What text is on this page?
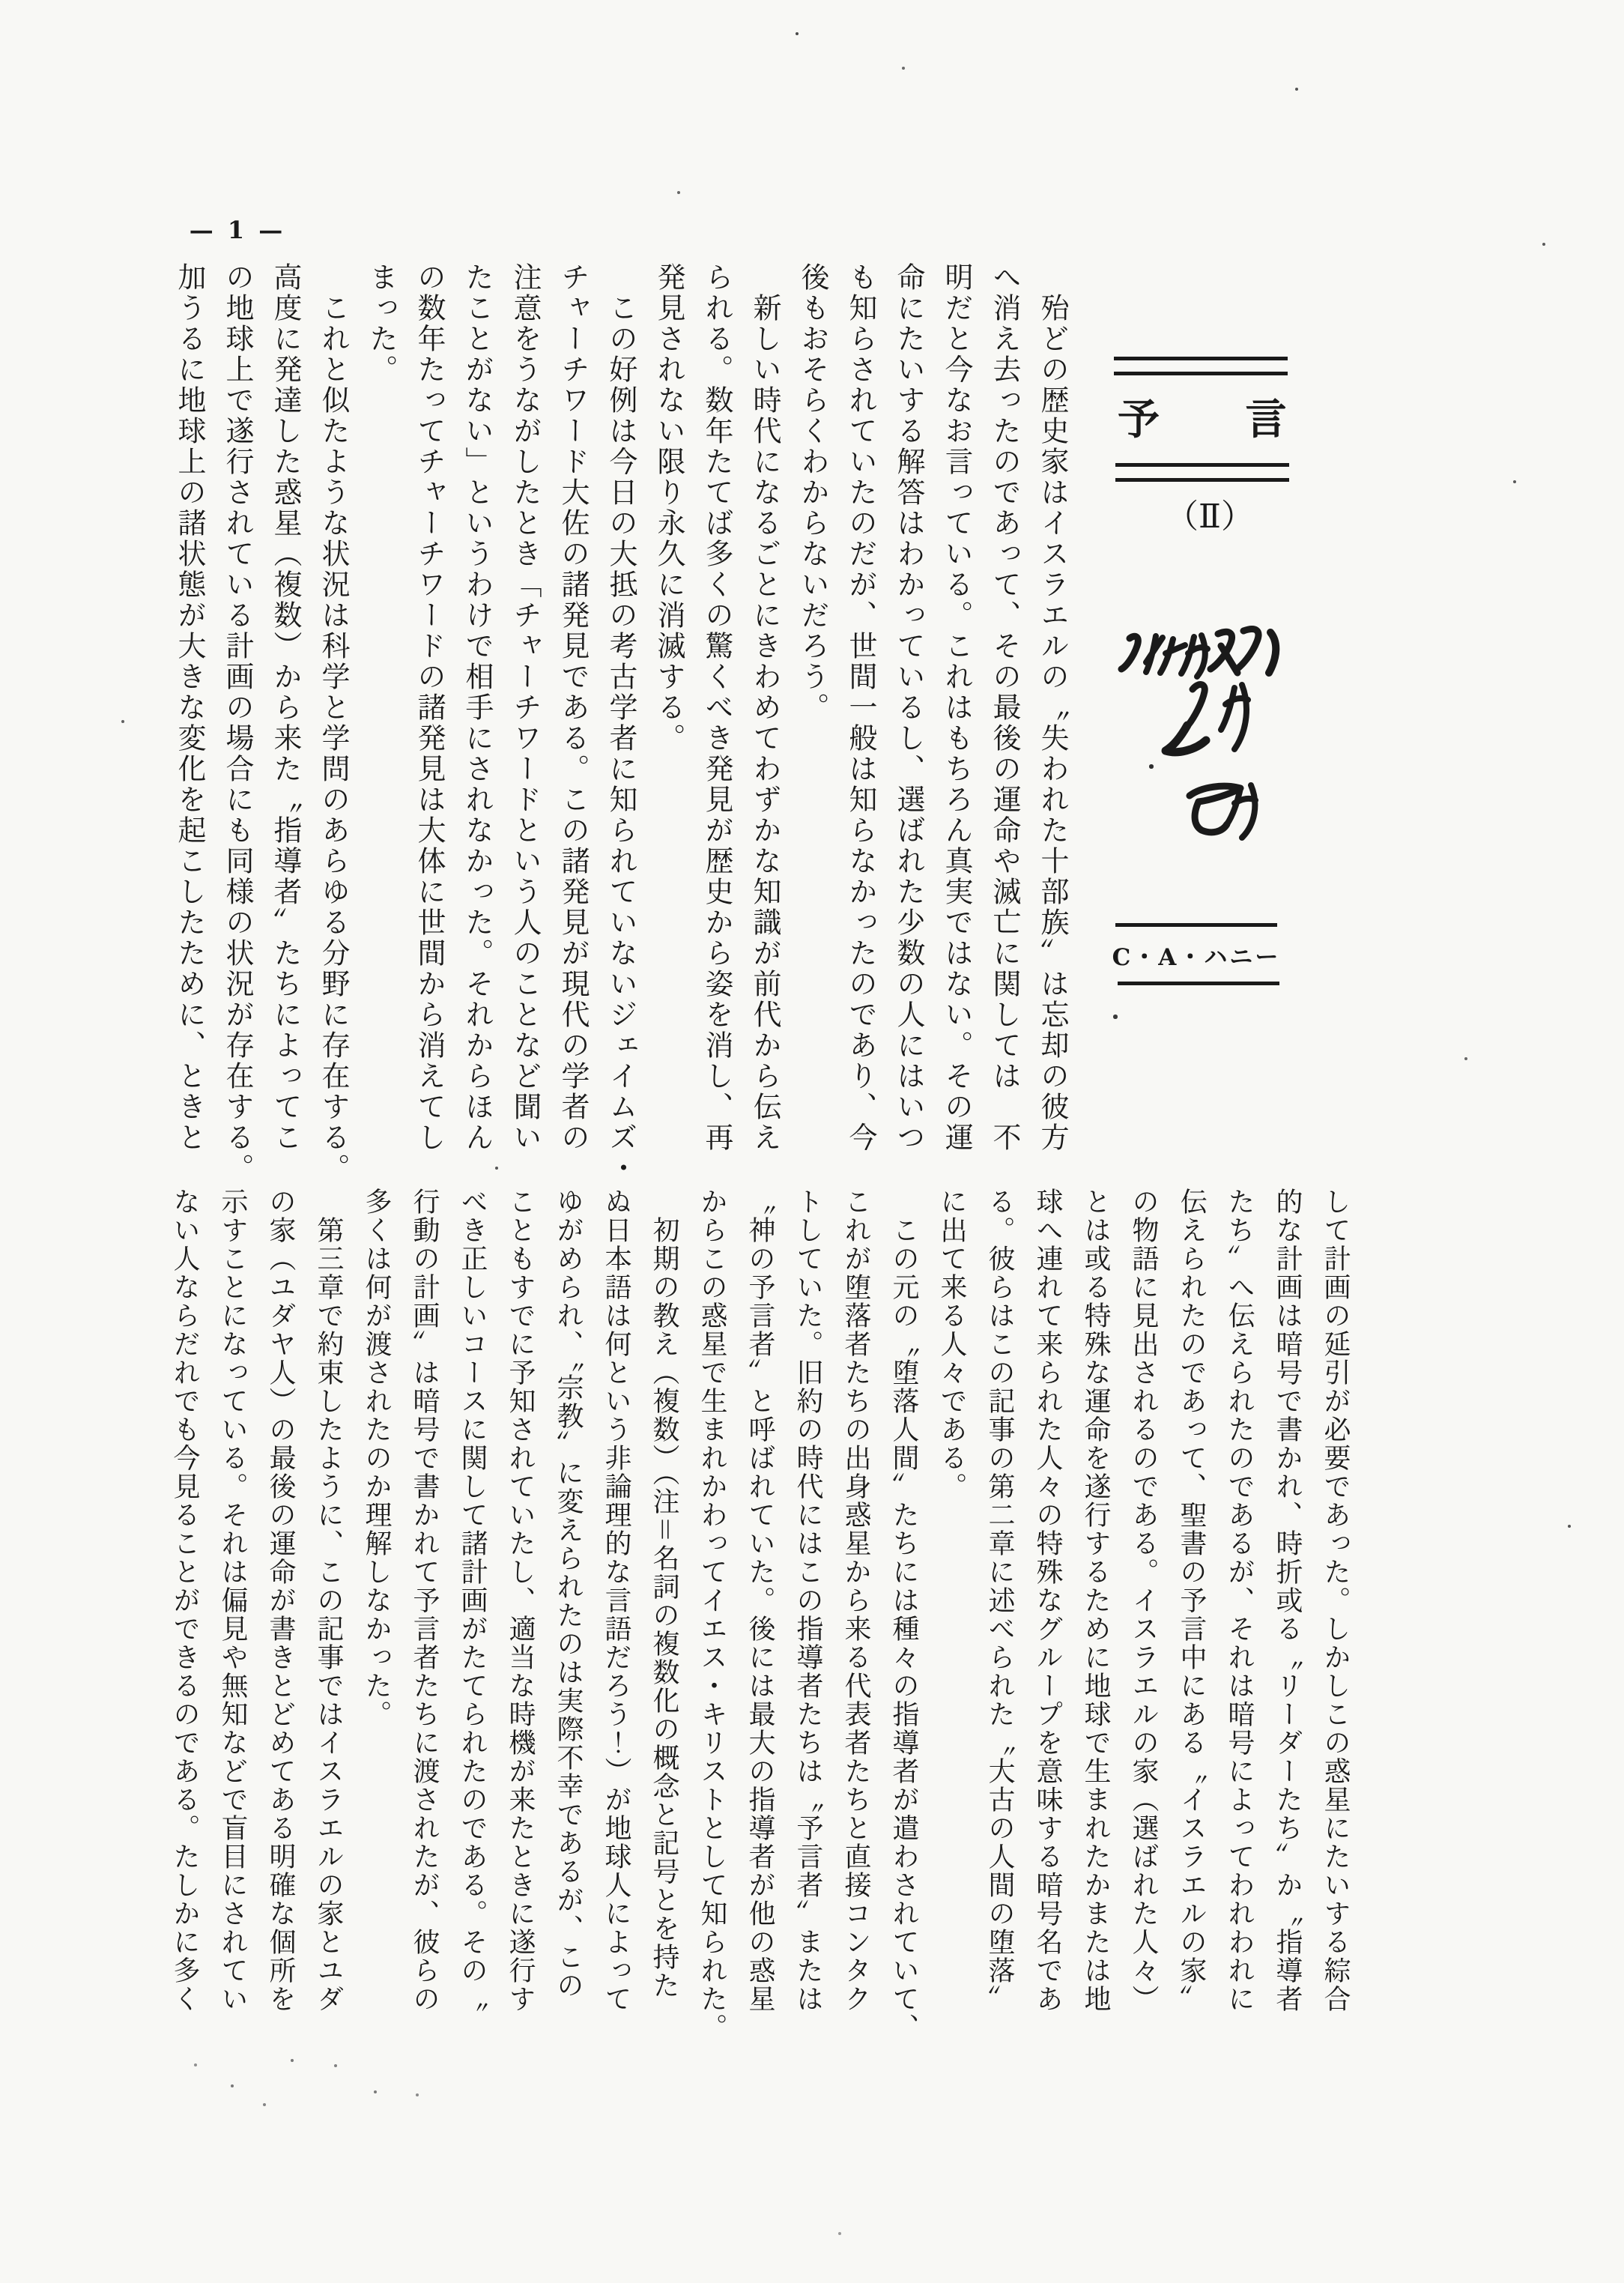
— 1 —
予 言
（Ⅱ）
C・A・ハニー
　殆どの歴史家はイスラエルの〝失われた十部族〟は忘却の彼方
へ消え去ったのであって、その最後の運命や滅亡に関しては　不
明だと今なお言っている。これはもちろん真実ではない。その運
命にたいする解答はわかっているし、選ばれた少数の人にはいつ
も知らされていたのだが、世間一般は知らなかったのであり、今
後もおそらくわからないだろう。
　新しい時代になるごとにきわめてわずかな知識が前代から伝え
られる。数年たてば多くの驚くべき発見が歴史から姿を消し、再
発見されない限り永久に消滅する。
　この好例は今日の大抵の考古学者に知られていないジェイムズ・
チャーチワード大佐の諸発見である。この諸発見が現代の学者の
注意をうながしたとき「チャーチワードという人のことなど聞い
たことがない」というわけで相手にされなかった。それからほん
の数年たってチャーチワードの諸発見は大体に世間から消えてし
まった。
　これと似たような状況は科学と学問のあらゆる分野に存在する。
高度に発達した惑星（複数）から来た〝指導者〟たちによってこ
の地球上で遂行されている計画の場合にも同様の状況が存在する。
加うるに地球上の諸状態が大きな変化を起こしたために、ときと
して計画の延引が必要であった。しかしこの惑星にたいする綜合
的な計画は暗号で書かれ、時折或る〝リーダーたち〟か〝指導者
たち〟へ伝えられたのであるが、それは暗号によってわれわれに
伝えられたのであって、聖書の予言中にある〝イスラエルの家〟
の物語に見出されるのである。イスラエルの家（選ばれた人々）
とは或る特殊な運命を遂行するために地球で生まれたかまたは地
球へ連れて来られた人々の特殊なグループを意味する暗号名であ
る。彼らはこの記事の第二章に述べられた〝大古の人間の堕落〟
に出て来る人々である。
　この元の〝堕落人間〟たちには種々の指導者が遣わされていて、
これが堕落者たちの出身惑星から来る代表者たちと直接コンタク
トしていた。旧約の時代にはこの指導者たちは〝予言者〟または
〝神の予言者〟と呼ばれていた。後には最大の指導者が他の惑星
からこの惑星で生まれかわってイエス・キリストとして知られた。
　初期の教え（複数）（注＝名詞の複数化の概念と記号とを持た
ぬ日本語は何という非論理的な言語だろう！）が地球人によって
ゆがめられ、〝宗教〟に変えられたのは実際不幸であるが、この
こともすでに予知されていたし、適当な時機が来たときに遂行す
べき正しいコースに関して諸計画がたてられたのである。その〝
行動の計画〟は暗号で書かれて予言者たちに渡されたが、彼らの
多くは何が渡されたのか理解しなかった。
　第三章で約束したように、この記事ではイスラエルの家とユダ
の家（ユダヤ人）の最後の運命が書きとどめてある明確な個所を
示すことになっている。それは偏見や無知などで盲目にされてい
ない人ならだれでも今見ることができるのである。たしかに多く
